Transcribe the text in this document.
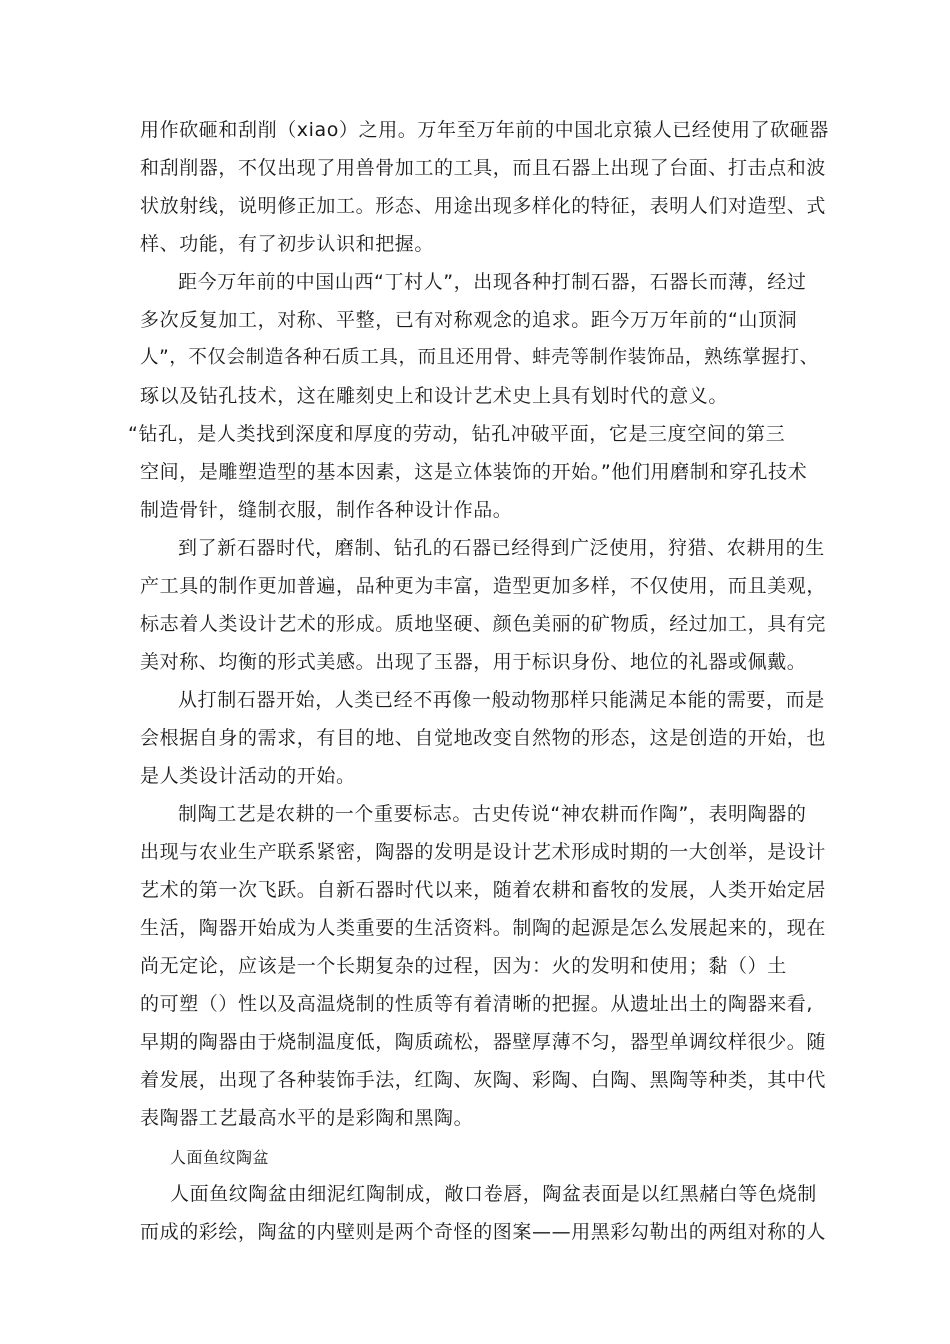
用作砍砸和刮削（xiao）之用。万年至万年前的中国北京猿人已经使用了砍砸器
和刮削器，不仅出现了用兽骨加工的工具，而且石器上出现了台面、打击点和波
状放射线，说明修正加工。形态、用途出现多样化的特征，表明人们对造型、式
样、功能，有了初步认识和把握。
距今万年前的中国山西“丁村人”，出现各种打制石器，石器长而薄，经过
多次反复加工，对称、平整，已有对称观念的追求。距今万万年前的“山顶洞
人”，不仅会制造各种石质工具，而且还用骨、蚌壳等制作装饰品，熟练掌握打、
琢以及钻孔技术，这在雕刻史上和设计艺术史上具有划时代的意义。
“钻孔，是人类找到深度和厚度的劳动，钻孔冲破平面，它是三度空间的第三
空间，是雕塑造型的基本因素，这是立体装饰的开始。”他们用磨制和穿孔技术
制造骨针，缝制衣服，制作各种设计作品。
到了新石器时代，磨制、钻孔的石器已经得到广泛使用，狩猎、农耕用的生
产工具的制作更加普遍，品种更为丰富，造型更加多样，不仅使用，而且美观，
标志着人类设计艺术的形成。质地坚硬、颜色美丽的矿物质，经过加工，具有完
美对称、均衡的形式美感。出现了玉器，用于标识身份、地位的礼器或佩戴。
从打制石器开始，人类已经不再像一般动物那样只能满足本能的需要，而是
会根据自身的需求，有目的地、自觉地改变自然物的形态，这是创造的开始，也
是人类设计活动的开始。
制陶工艺是农耕的一个重要标志。古史传说“神农耕而作陶”，表明陶器的
出现与农业生产联系紧密，陶器的发明是设计艺术形成时期的一大创举，是设计
艺术的第一次飞跃。自新石器时代以来，随着农耕和畜牧的发展，人类开始定居
生活，陶器开始成为人类重要的生活资料。制陶的起源是怎么发展起来的，现在
尚无定论，应该是一个长期复杂的过程，因为：火的发明和使用；黏（）土
的可塑（）性以及高温烧制的性质等有着清晰的把握。从遗址出土的陶器来看,
早期的陶器由于烧制温度低，陶质疏松，器壁厚薄不匀，器型单调纹样很少。随
着发展，出现了各种装饰手法，红陶、灰陶、彩陶、白陶、黑陶等种类，其中代
表陶器工艺最高水平的是彩陶和黑陶。
人面鱼纹陶盆
人面鱼纹陶盆由细泥红陶制成，敞口卷唇，陶盆表面是以红黑赭白等色烧制
而成的彩绘，陶盆的内壁则是两个奇怪的图案——用黑彩勾勒出的两组对称的人
